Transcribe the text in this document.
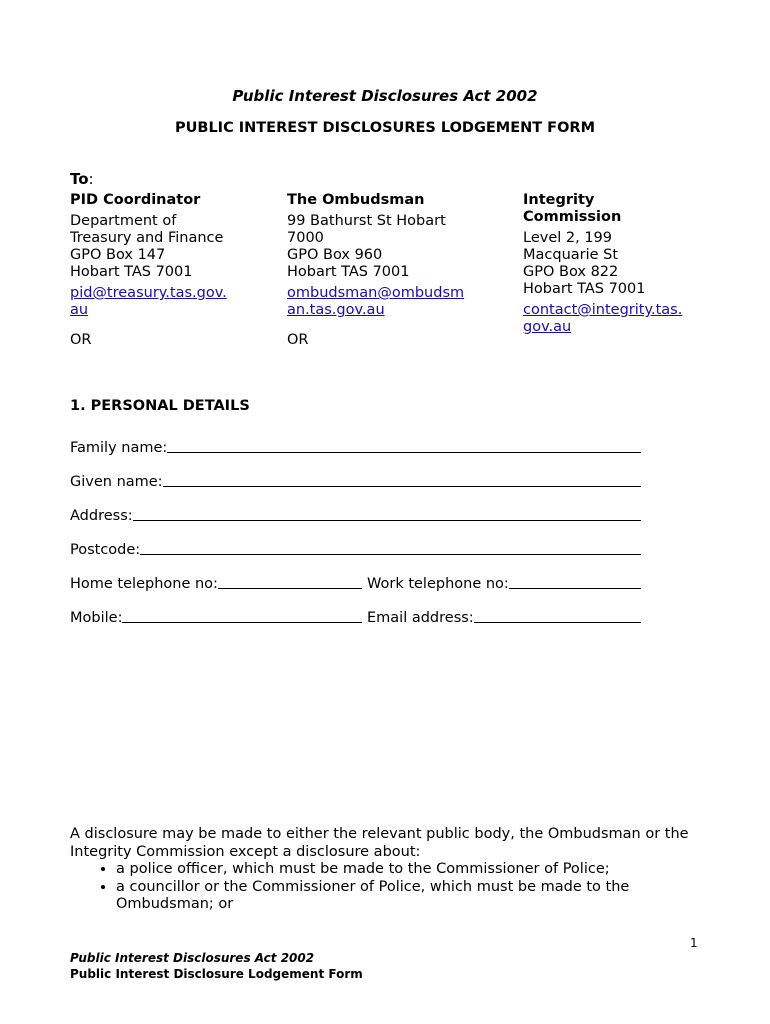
Public Interest Disclosures Act 2002
PUBLIC INTEREST DISCLOSURES LODGEMENT FORM
To:
PID Coordinator
Department of
Treasury and Finance
GPO Box 147
Hobart TAS 7001
pid@treasury.tas.gov.
au
OR
The Ombudsman
99 Bathurst St Hobart
7000
GPO Box 960
Hobart TAS 7001
ombudsman@ombudsm
an.tas.gov.au
OR
Integrity
Commission
Level 2, 199
Macquarie St
GPO Box 822
Hobart TAS 7001
contact@integrity.tas.
gov.au
1. PERSONAL DETAILS
Family name:
Given name:
Address:
Postcode:
Home telephone no:	Work telephone no:
Mobile:	Email address:
A disclosure may be made to either the relevant public body, the Ombudsman or the Integrity Commission except a disclosure about:
• a police officer, which must be made to the Commissioner of Police;
• a councillor or the Commissioner of Police, which must be made to the Ombudsman; or
1
Public Interest Disclosures Act 2002
Public Interest Disclosure Lodgement Form
